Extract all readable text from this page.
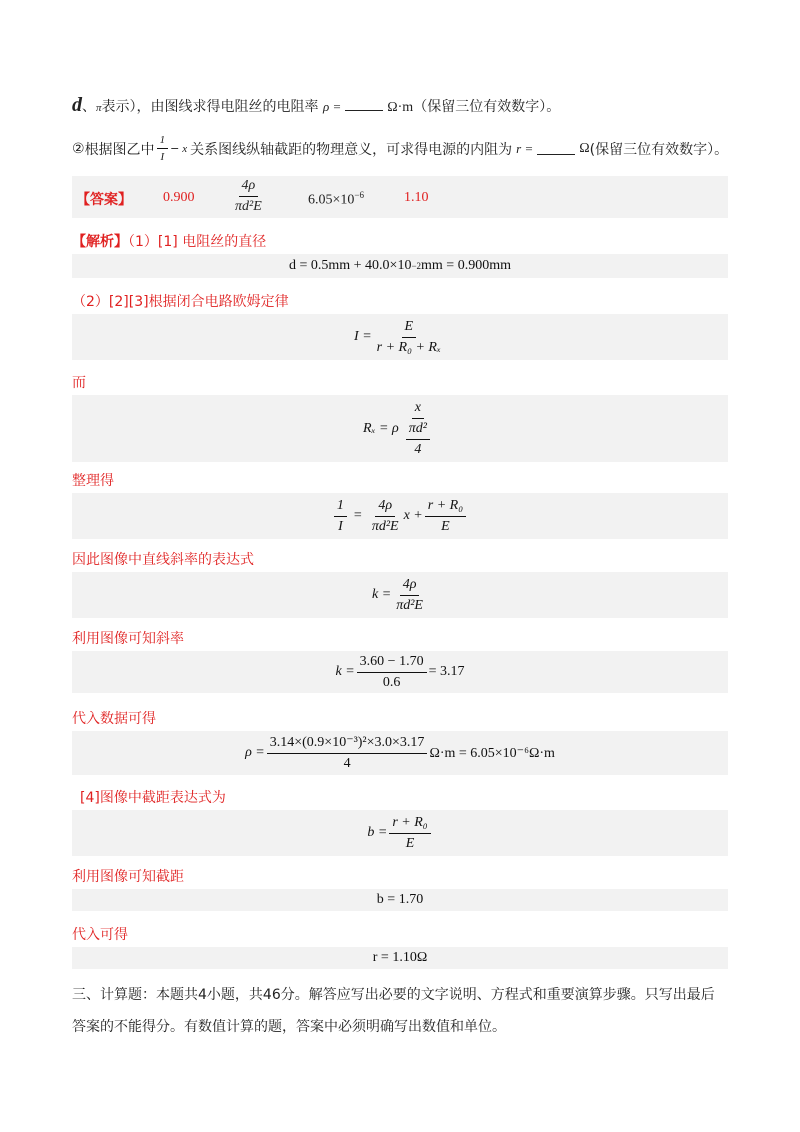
d、π表示），由图线求得电阻丝的电阻率 ρ =	Ω·m（保留三位有效数字）。
② 根据图乙中 $\frac{1}{I} - x$ 关系图线纵轴截距的物理意义，可求得电源的内阻为 r =	Ω (保留三位有效数字）。
【答案】 0.900	$\frac{4\rho}{\text{πd²E}}$	$6.05\times 10^{-6}$	1.10
【解析】（1）[1] 电阻丝的直径
d = 0.5mm + 40.0×10 −2 mm = 0.900mm
（2）[2][3]根据闭合电路欧姆定律
$I = \frac{E}{\text{r + R₀ + Rₓ}}$
而
Rₓ = ρ $\frac{x}{\frac{\text{πd²}}{4}}$
整理得
$\frac{1}{I} = \frac{4\rho}{\text{πd²E}}$ $x + \frac{\text{r + R₀}}{E}$
因此图像中直线斜率的表达式
$k = \frac{4\rho}{\text{πd²E}}$
利用图像可知斜率
$k = \frac{3.60 - 1.70}{0.6} = 3.17$
代入数据可得
$\rho = \frac{\text{3.14×(0.9×10⁻³)²×3.0×3.17}}{4} \Omega\cdot m = 6.05\times 10^{-6}\Omega\cdot m$
[4]图像中截距表达式为
$b = \frac{\text{r + R₀}}{E}$
利用图像可知截距
b = 1.70
代入可得
r = 1.10Ω
三、计算题：本题共4小题，共46分。解答应写出必要的文字说明、方程式和重要演算步骤。只写出最后
答案的不能得分。有数值计算的题，答案中必须明确写出数值和单位。
